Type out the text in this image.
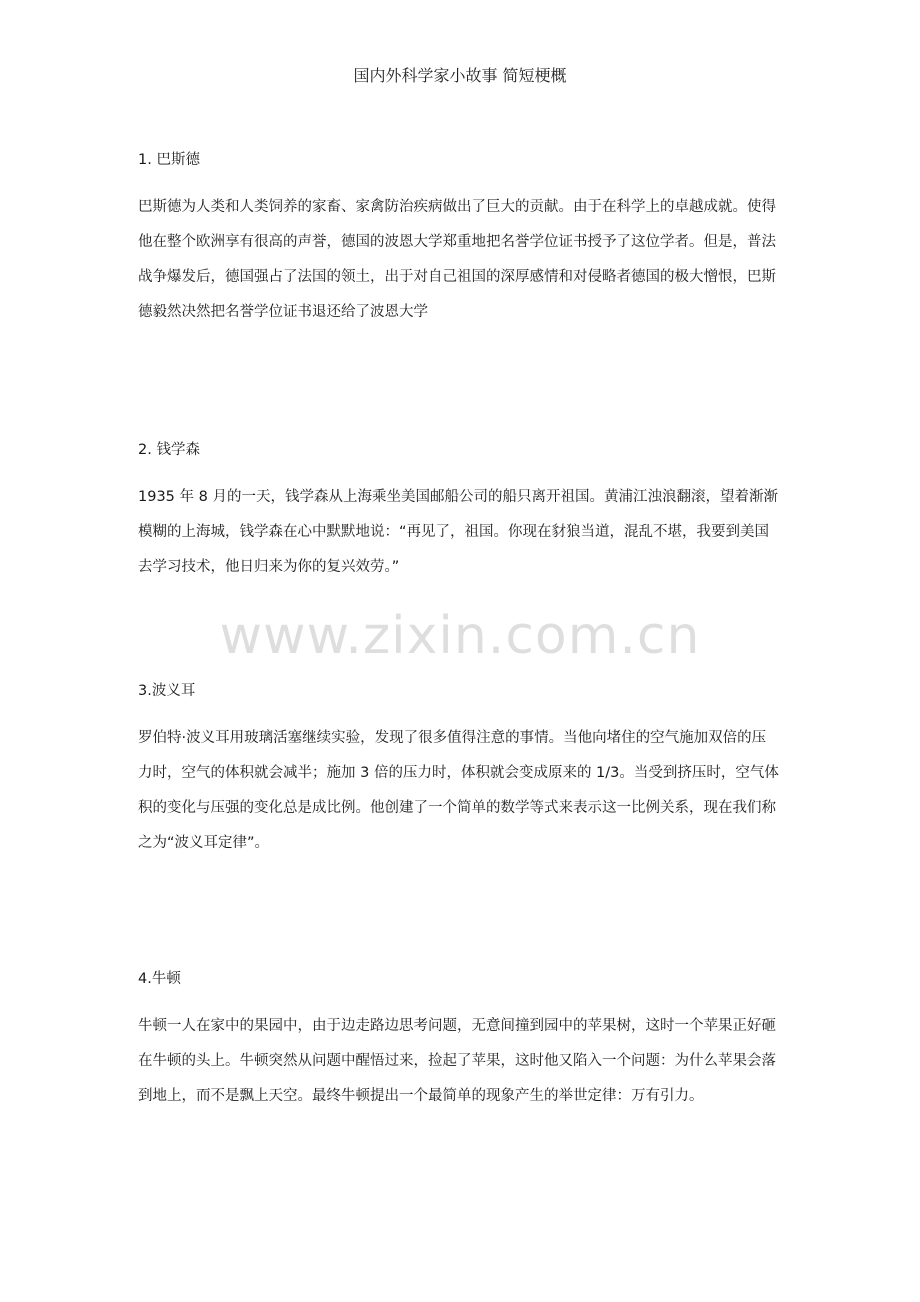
国内外科学家小故事 简短梗概
1. 巴斯德

巴斯德为人类和人类饲养的家畜、家禽防治疾病做出了巨大的贡献。由于在科学上的卓越成就。使得
他在整个欧洲享有很高的声誉，德国的波恩大学郑重地把名誉学位证书授予了这位学者。但是，普法
战争爆发后，德国强占了法国的领土，出于对自己祖国的深厚感情和对侵略者德国的极大憎恨，巴斯
德毅然决然把名誉学位证书退还给了波恩大学

2. 钱学森

1935 年 8 月的一天，钱学森从上海乘坐美国邮船公司的船只离开祖国。黄浦江浊浪翻滚，望着渐渐
模糊的上海城，钱学森在心中默默地说：“再见了，祖国。你现在豺狼当道，混乱不堪，我要到美国
去学习技术，他日归来为你的复兴效劳。”

www.zixin.com.cn
3.波义耳

罗伯特·波义耳用玻璃活塞继续实验，发现了很多值得注意的事情。当他向堵住的空气施加双倍的压
力时，空气的体积就会减半；施加 3 倍的压力时，体积就会变成原来的 1/3。当受到挤压时，空气体
积的变化与压强的变化总是成比例。他创建了一个简单的数学等式来表示这一比例关系，现在我们称
之为“波义耳定律”。

4.牛顿

牛顿一人在家中的果园中，由于边走路边思考问题，无意间撞到园中的苹果树，这时一个苹果正好砸
在牛顿的头上。牛顿突然从问题中醒悟过来，捡起了苹果，这时他又陷入一个问题：为什么苹果会落
到地上，而不是飘上天空。最终牛顿提出一个最简单的现象产生的举世定律：万有引力。
